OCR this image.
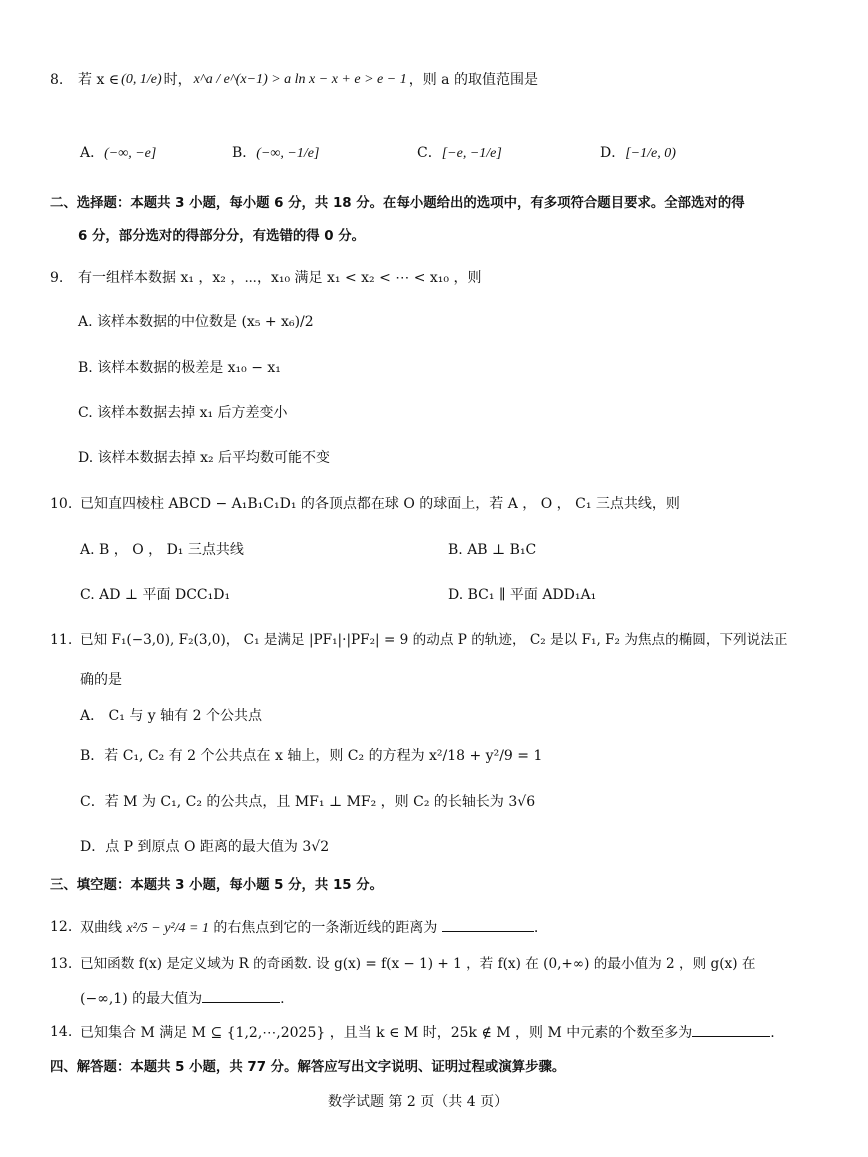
8. 若 x ∈ (0, 1/e) 时， x^a / e^(x−1) > a ln x − x + e > e − 1 ，则 a 的取值范围是
A．(−∞, −e]	B．(−∞, −1/e]	C．[−e, −1/e]	D．[−1/e, 0)
二、选择题：本题共 3 小题，每小题 6 分，共 18 分。在每小题给出的选项中，有多项符合题目要求。全部选对的得
6 分，部分选对的得部分分，有选错的得 0 分。
9. 有一组样本数据 x₁ ，x₂ ，⋯，x₁₀ 满足 x₁ < x₂ < ⋯ < x₁₀ ，则
A. 该样本数据的中位数是 (x₅ + x₆)/2
B. 该样本数据的极差是 x₁₀ − x₁
C. 该样本数据去掉 x₁ 后方差变小
D. 该样本数据去掉 x₂ 后平均数可能不变
10. 已知直四棱柱 ABCD − A₁B₁C₁D₁ 的各顶点都在球 O 的球面上，若 A ， O ， C₁ 三点共线，则
A. B ， O ， D₁ 三点共线	B. AB ⊥ B₁C
C. AD ⊥ 平面 DCC₁D₁	D. BC₁ ∥ 平面 ADD₁A₁
11. 已知 F₁(−3,0), F₂(3,0)， C₁ 是满足 |PF₁|·|PF₂| = 9 的动点 P 的轨迹， C₂ 是以 F₁, F₂ 为焦点的椭圆，下列说法正
确的是
A． C₁ 与 y 轴有 2 个公共点
B．若 C₁, C₂ 有 2 个公共点在 x 轴上，则 C₂ 的方程为 x²/18 + y²/9 = 1
C．若 M 为 C₁, C₂ 的公共点，且 MF₁ ⊥ MF₂ ，则 C₂ 的长轴长为 3√6
D．点 P 到原点 O 距离的最大值为 3√2
三、填空题：本题共 3 小题，每小题 5 分，共 15 分。
12. 双曲线 x²/5 − y²/4 = 1 的右焦点到它的一条渐近线的距离为	.
13. 已知函数 f(x) 是定义域为 R 的奇函数. 设 g(x) = f(x − 1) + 1 ，若 f(x) 在 (0,+∞) 的最小值为 2 ，则 g(x) 在
(−∞,1) 的最大值为	.
14. 已知集合 M 满足 M ⊆ {1,2,⋯,2025} ，且当 k ∈ M 时，25k ∉ M ，则 M 中元素的个数至多为	.
四、解答题：本题共 5 小题，共 77 分。解答应写出文字说明、证明过程或演算步骤。
数学试题 第 2 页（共 4 页）
